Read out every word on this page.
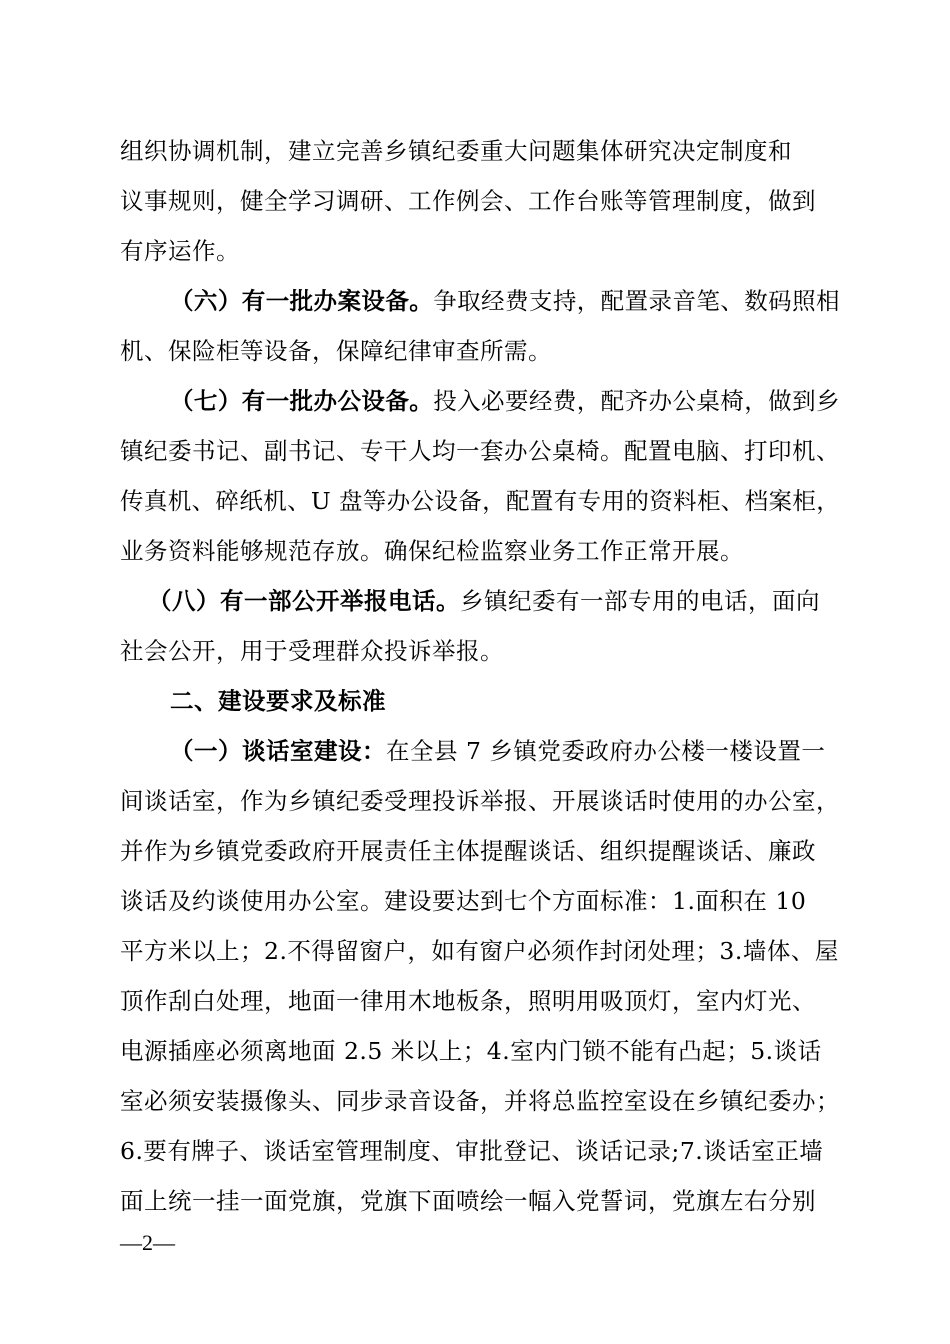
组织协调机制，建立完善乡镇纪委重大问题集体研究决定制度和
议事规则，健全学习调研、工作例会、工作台账等管理制度，做到
有序运作。
（六）有一批办案设备。争取经费支持，配置录音笔、数码照相
机、保险柜等设备，保障纪律审查所需。
（七）有一批办公设备。投入必要经费，配齐办公桌椅，做到乡
镇纪委书记、副书记、专干人均一套办公桌椅。配置电脑、打印机、
传真机、碎纸机、U 盘等办公设备，配置有专用的资料柜、档案柜，
业务资料能够规范存放。确保纪检监察业务工作正常开展。
（八）有一部公开举报电话。乡镇纪委有一部专用的电话，面向
社会公开，用于受理群众投诉举报。
二、建设要求及标准
（一）谈话室建设：在全县 7 乡镇党委政府办公楼一楼设置一
间谈话室，作为乡镇纪委受理投诉举报、开展谈话时使用的办公室，
并作为乡镇党委政府开展责任主体提醒谈话、组织提醒谈话、廉政
谈话及约谈使用办公室。建设要达到七个方面标准：1.面积在 10
平方米以上；2.不得留窗户，如有窗户必须作封闭处理；3.墙体、屋
顶作刮白处理，地面一律用木地板条，照明用吸顶灯，室内灯光、
电源插座必须离地面 2.5 米以上；4.室内门锁不能有凸起；5.谈话
室必须安装摄像头、同步录音设备，并将总监控室设在乡镇纪委办；
6.要有牌子、谈话室管理制度、审批登记、谈话记录;7.谈话室正墙
面上统一挂一面党旗，党旗下面喷绘一幅入党誓词，党旗左右分别
—2—
